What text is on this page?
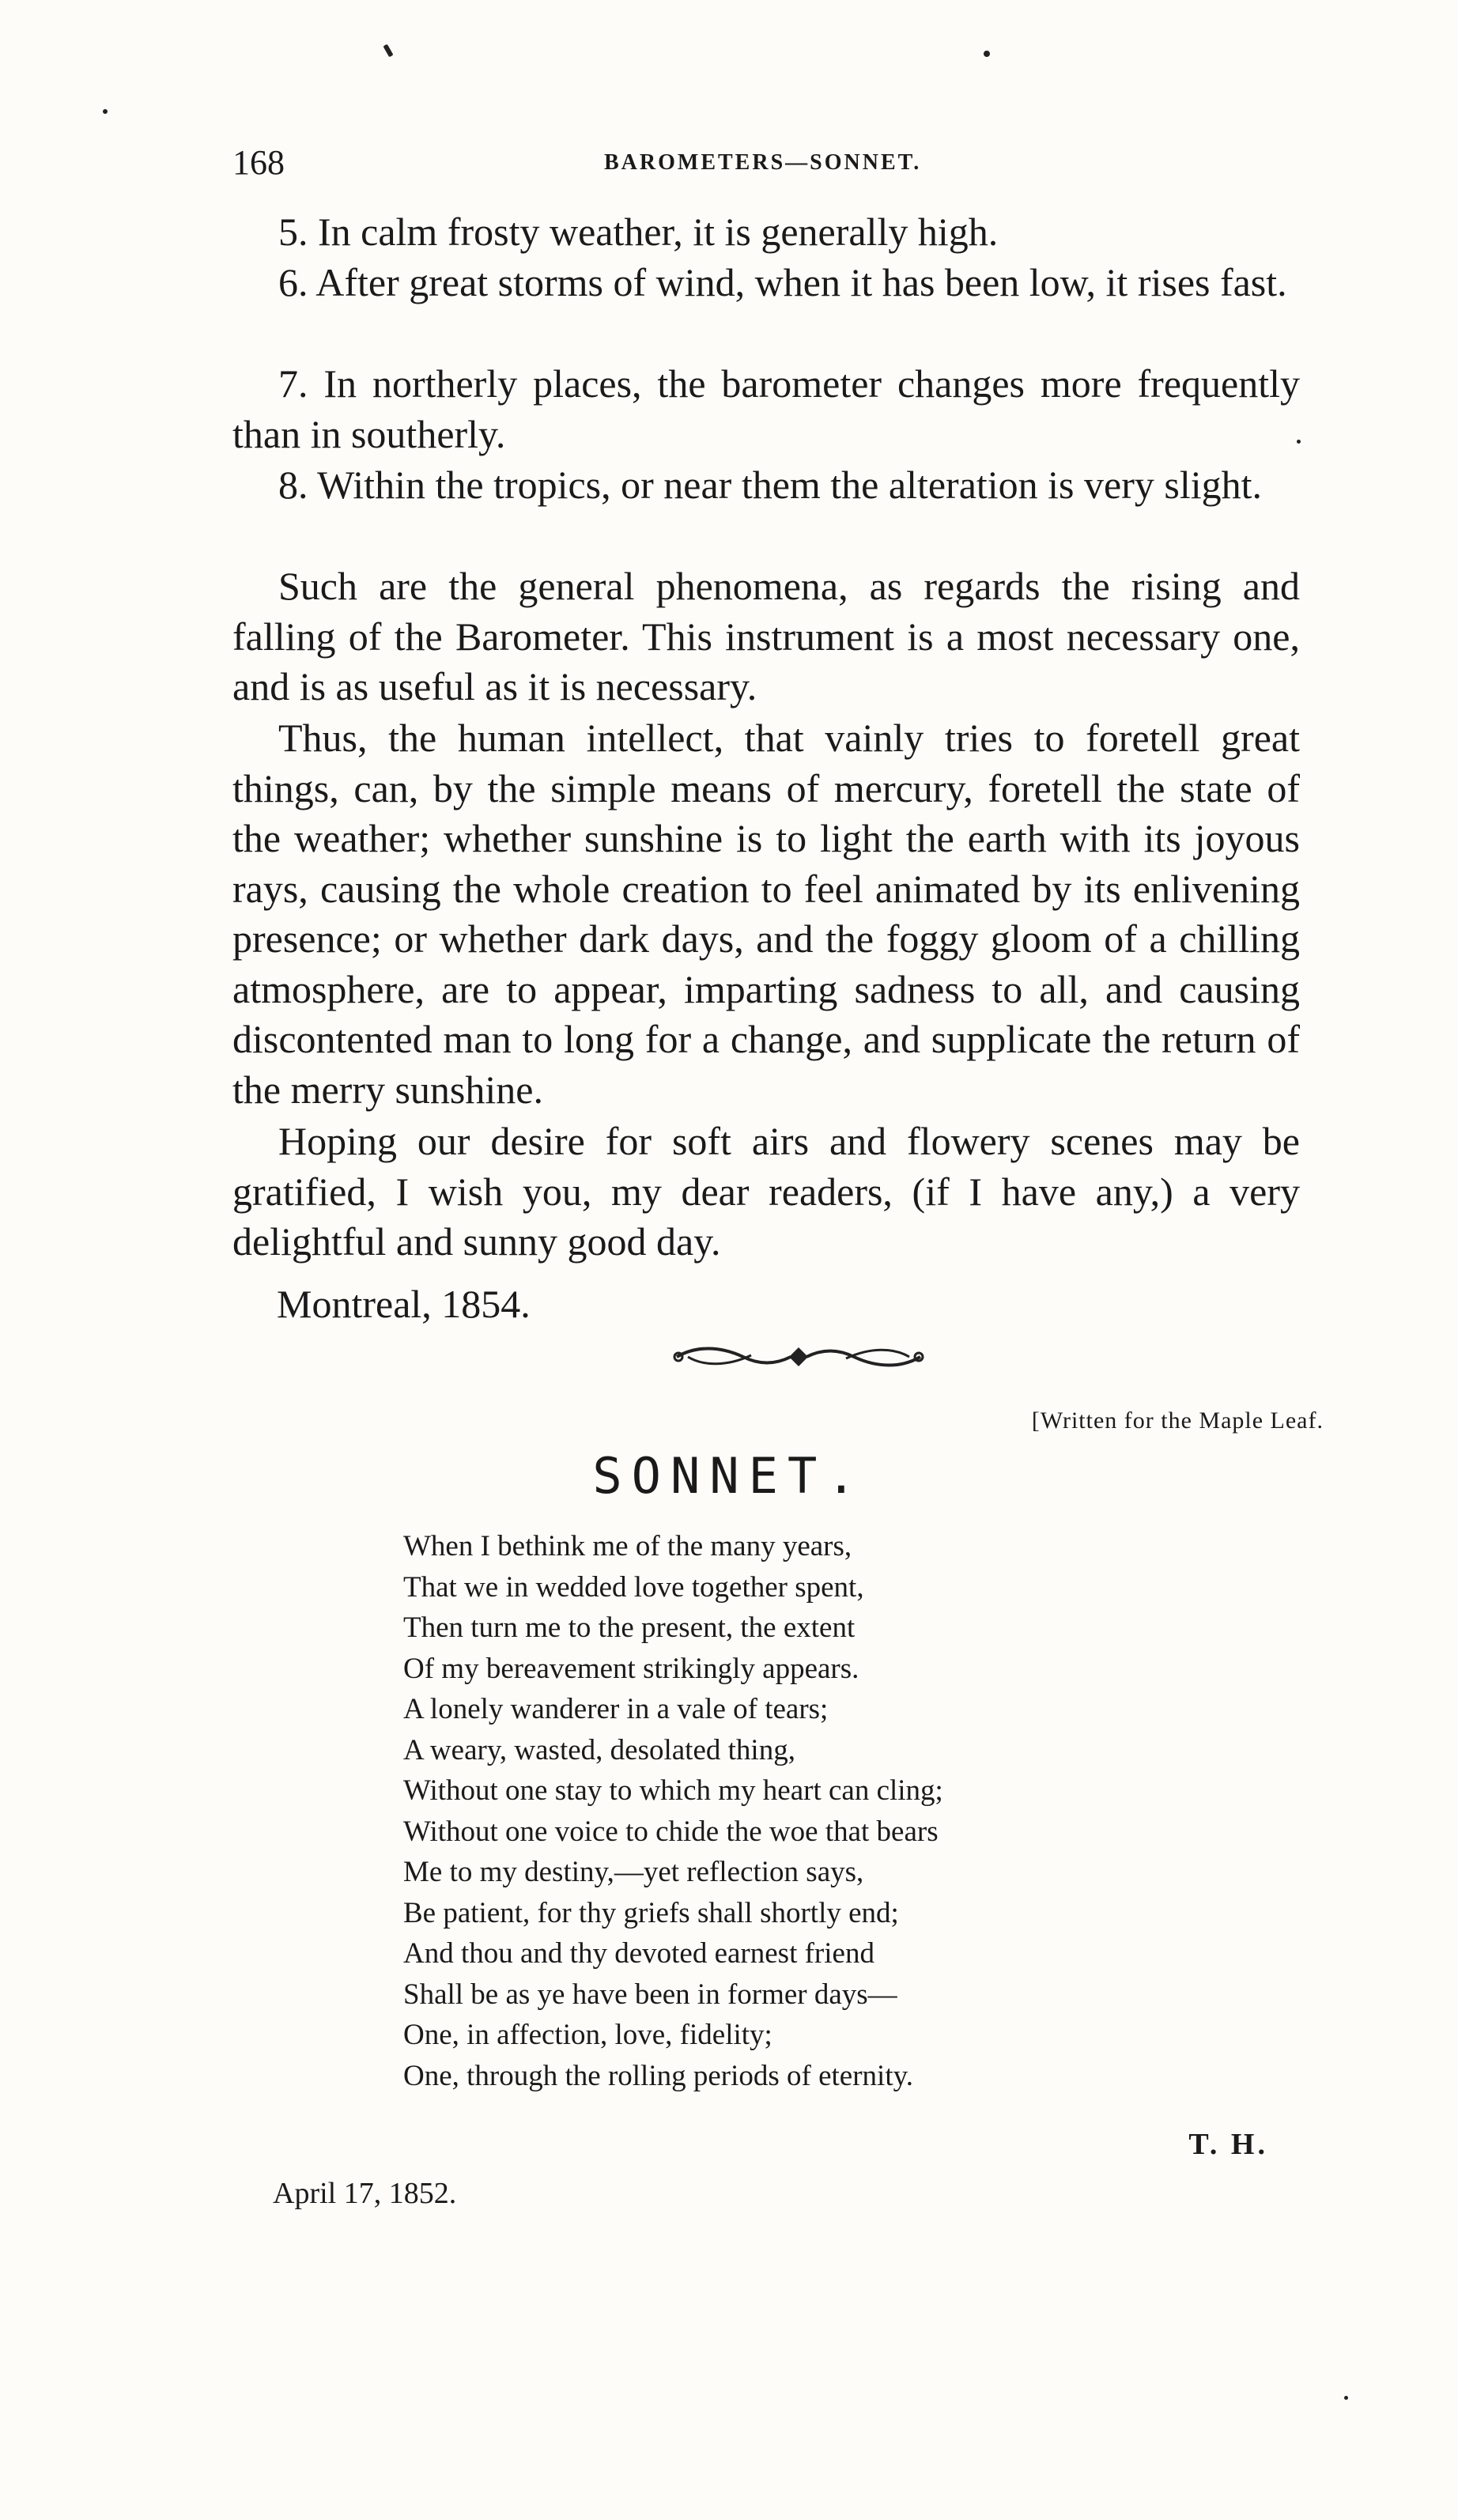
168	BAROMETERS—SONNET.

5. In calm frosty weather, it is generally high.

6. After great storms of wind, when it has been low, it rises fast.

7. In northerly places, the barometer changes more frequently than in southerly.

8. Within the tropics, or near them the alteration is very slight.

Such are the general phenomena, as regards the rising and falling of the Barometer. This instrument is a most necessary one, and is as useful as it is necessary.

Thus, the human intellect, that vainly tries to foretell great things, can, by the simple means of mercury, foretell the state of the weather; whether sunshine is to light the earth with its joyous rays, causing the whole creation to feel animated by its enlivening presence; or whether dark days, and the foggy gloom of a chilling atmosphere, are to appear, imparting sadness to all, and causing discontented man to long for a change, and supplicate the return of the merry sunshine.

Hoping our desire for soft airs and flowery scenes may be gratified, I wish you, my dear readers, (if I have any,) a very delightful and sunny good day.

Montreal, 1854.
[Written for the Maple Leaf.
SONNET.
When I bethink me of the many years,
That we in wedded love together spent,
Then turn me to the present, the extent
Of my bereavement strikingly appears.
A lonely wanderer in a vale of tears;
A weary, wasted, desolated thing,
Without one stay to which my heart can cling;
Without one voice to chide the woe that bears
Me to my destiny,—yet reflection says,
Be patient, for thy griefs shall shortly end;
And thou and thy devoted earnest friend
Shall be as ye have been in former days—
One, in affection, love, fidelity;
One, through the rolling periods of eternity.
T. H.
April 17, 1852.
